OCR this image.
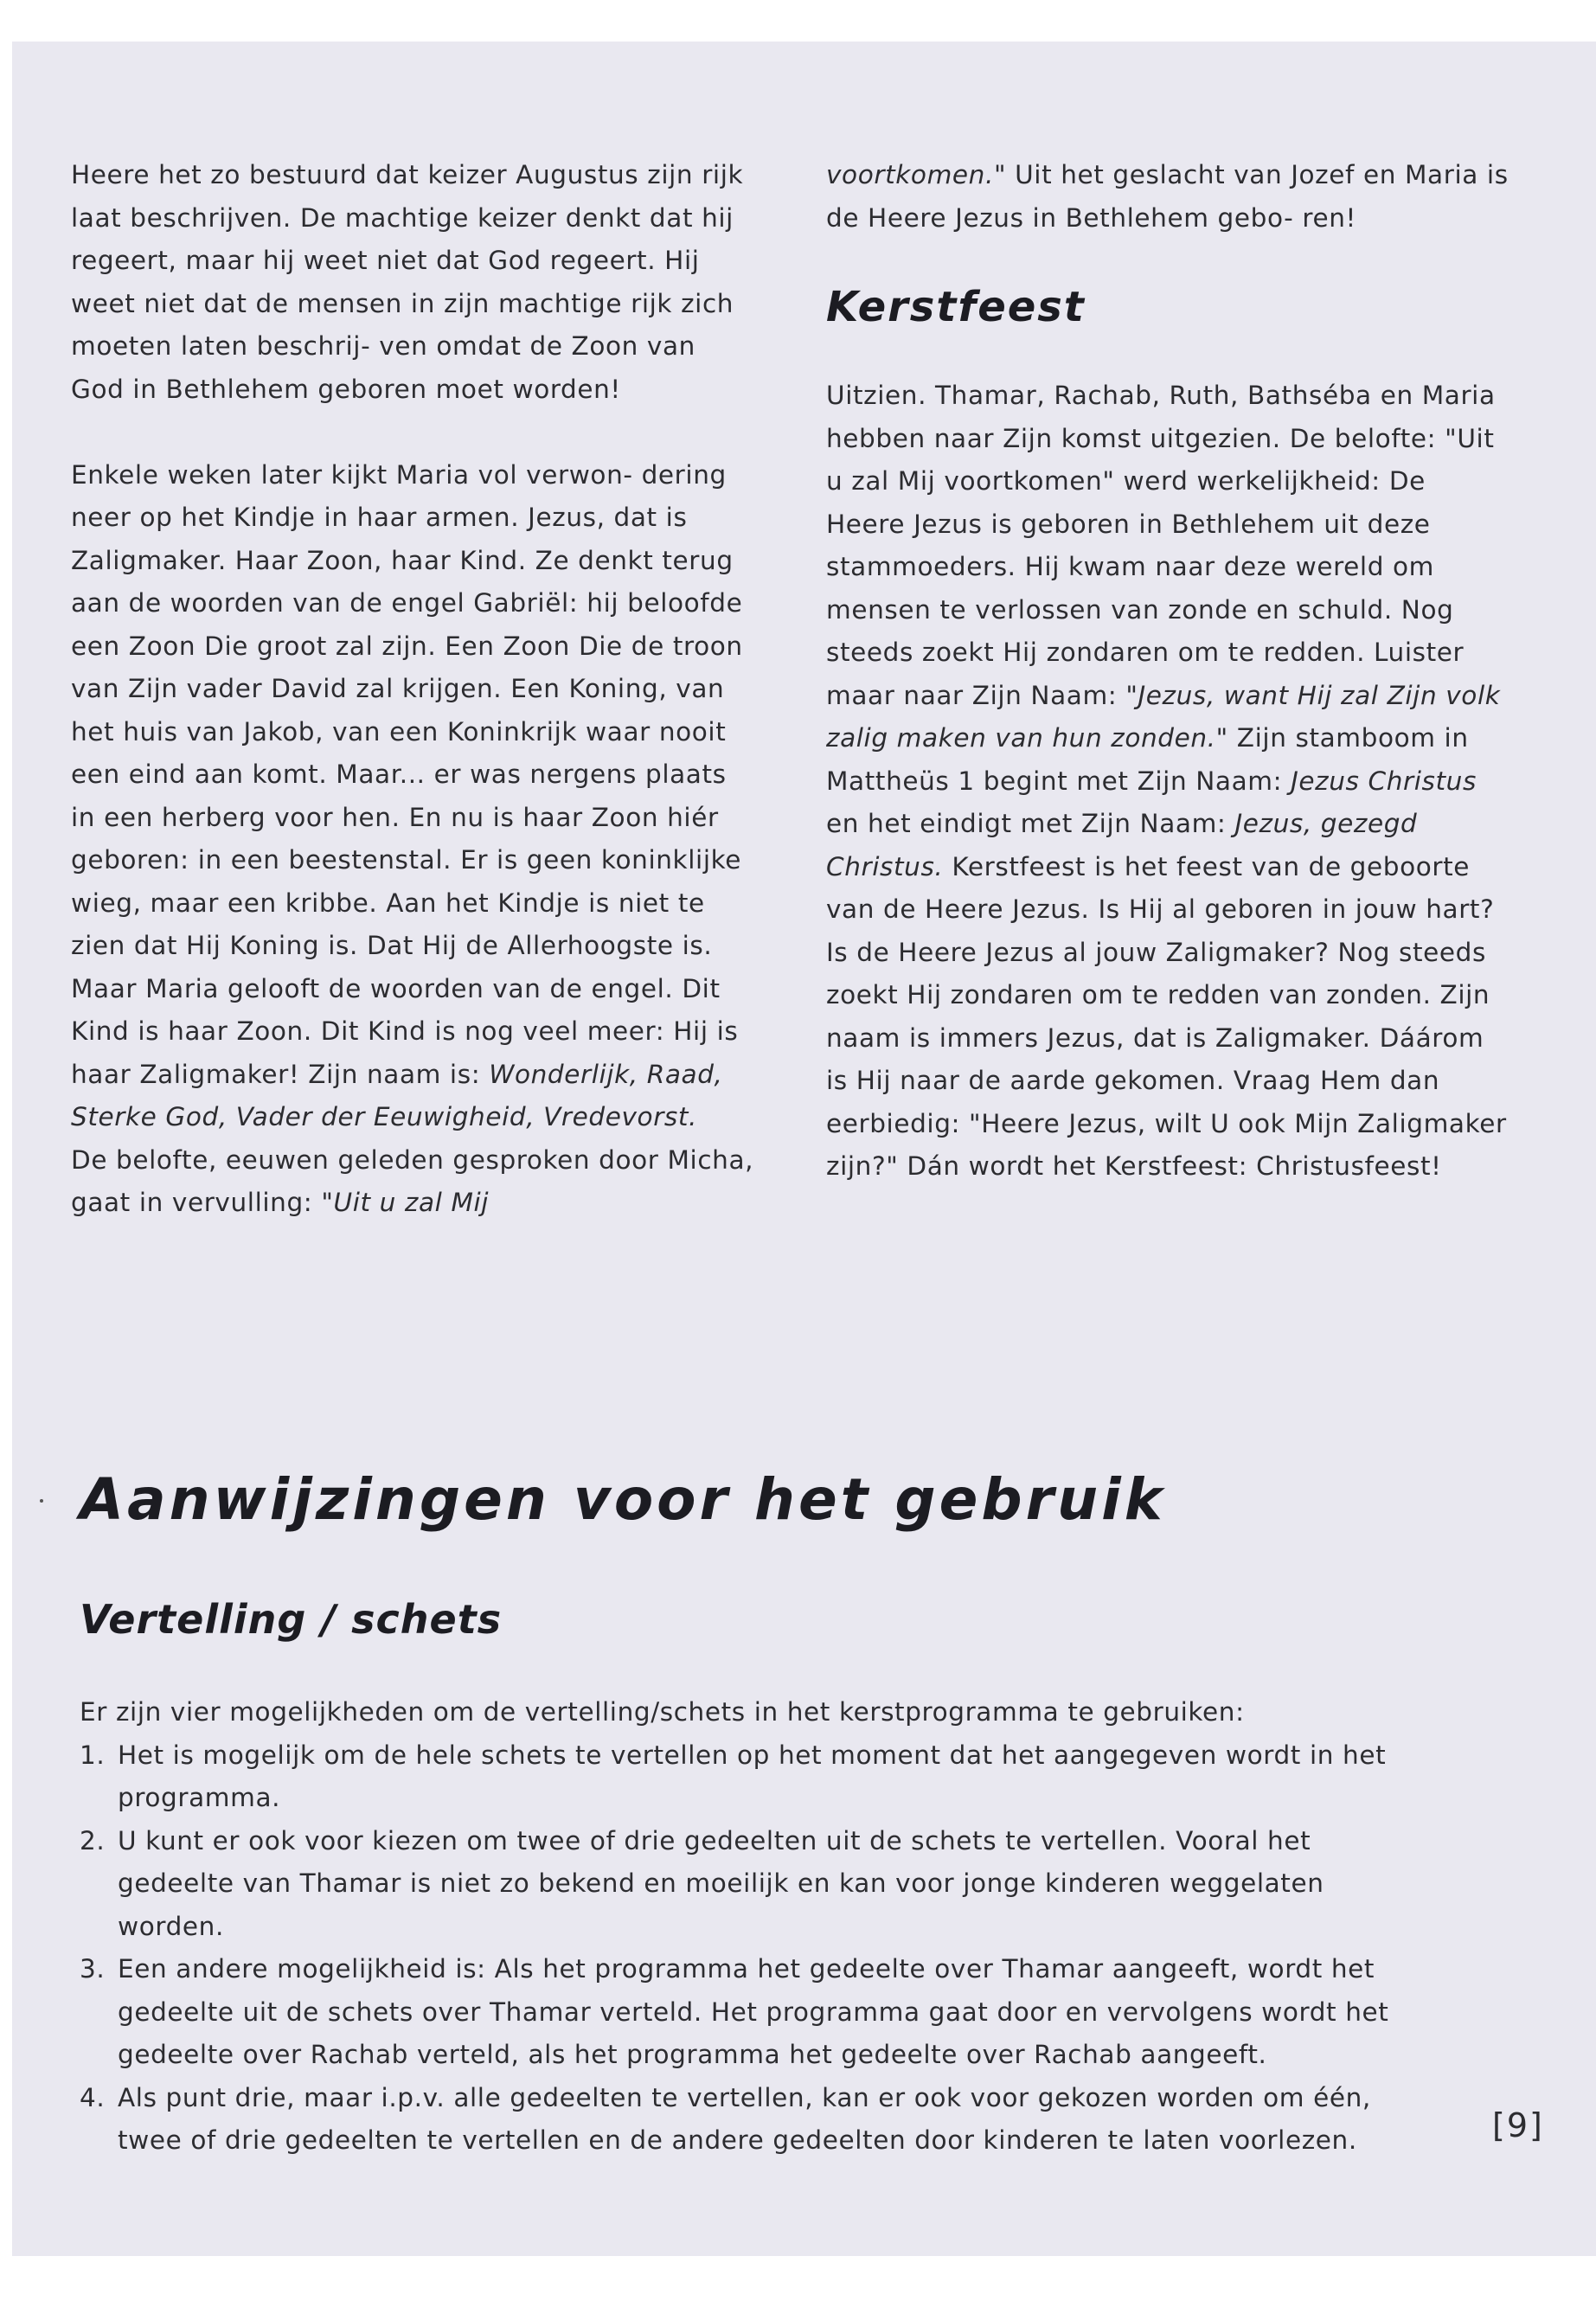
Heere het zo bestuurd dat keizer Augustus zijn rijk laat beschrijven. De machtige keizer denkt dat hij regeert, maar hij weet niet dat God regeert. Hij weet niet dat de mensen in zijn machtige rijk zich moeten laten beschrij- ven omdat de Zoon van God in Bethlehem geboren moet worden!

Enkele weken later kijkt Maria vol verwon- dering neer op het Kindje in haar armen. Jezus, dat is Zaligmaker. Haar Zoon, haar Kind. Ze denkt terug aan de woorden van de engel Gabriël: hij beloofde een Zoon Die groot zal zijn. Een Zoon Die de troon van Zijn vader David zal krijgen. Een Koning, van het huis van Jakob, van een Koninkrijk waar nooit een eind aan komt. Maar... er was nergens plaats in een herberg voor hen. En nu is haar Zoon hiér geboren: in een beestenstal. Er is geen koninklijke wieg, maar een kribbe. Aan het Kindje is niet te zien dat Hij Koning is. Dat Hij de Allerhoogste is. Maar Maria gelooft de woorden van de engel. Dit Kind is haar Zoon. Dit Kind is nog veel meer: Hij is haar Zaligmaker! Zijn naam is: Wonderlijk, Raad, Sterke God, Vader der Eeuwigheid, Vredevorst.

De belofte, eeuwen geleden gesproken door Micha, gaat in vervulling: "Uit u zal Mij

voortkomen." Uit het geslacht van Jozef en Maria is de Heere Jezus in Bethlehem gebo- ren!

Kerstfeest

Uitzien. Thamar, Rachab, Ruth, Bathséba en Maria hebben naar Zijn komst uitgezien. De belofte: "Uit u zal Mij voortkomen" werd werkelijkheid: De Heere Jezus is geboren in Bethlehem uit deze stammoeders. Hij kwam naar deze wereld om mensen te verlossen van zonde en schuld. Nog steeds zoekt Hij zondaren om te redden. Luister maar naar Zijn Naam: "Jezus, want Hij zal Zijn volk zalig maken van hun zonden." Zijn stamboom in Mattheüs 1 begint met Zijn Naam: Jezus Christus en het eindigt met Zijn Naam: Jezus, gezegd Christus. Kerstfeest is het feest van de geboorte van de Heere Jezus. Is Hij al geboren in jouw hart? Is de Heere Jezus al jouw Zaligmaker? Nog steeds zoekt Hij zondaren om te redden van zonden. Zijn naam is immers Jezus, dat is Zaligmaker. Dáárom is Hij naar de aarde gekomen. Vraag Hem dan eerbiedig: "Heere Jezus, wilt U ook Mijn Zaligmaker zijn?" Dán wordt het Kerstfeest: Christusfeest!

Aanwijzingen voor het gebruik
Vertelling / schets

Er zijn vier mogelijkheden om de vertelling/schets in het kerstprogramma te gebruiken:

1. Het is mogelijk om de hele schets te vertellen op het moment dat het aangegeven wordt in het programma.
2. U kunt er ook voor kiezen om twee of drie gedeelten uit de schets te vertellen. Vooral het gedeelte van Thamar is niet zo bekend en moeilijk en kan voor jonge kinderen weggelaten worden.
3. Een andere mogelijkheid is: Als het programma het gedeelte over Thamar aangeeft, wordt het gedeelte uit de schets over Thamar verteld. Het programma gaat door en vervolgens wordt het gedeelte over Rachab verteld, als het programma het gedeelte over Rachab aangeeft.
4. Als punt drie, maar i.p.v. alle gedeelten te vertellen, kan er ook voor gekozen worden om één, twee of drie gedeelten te vertellen en de andere gedeelten door kinderen te laten voorlezen.	[9]
